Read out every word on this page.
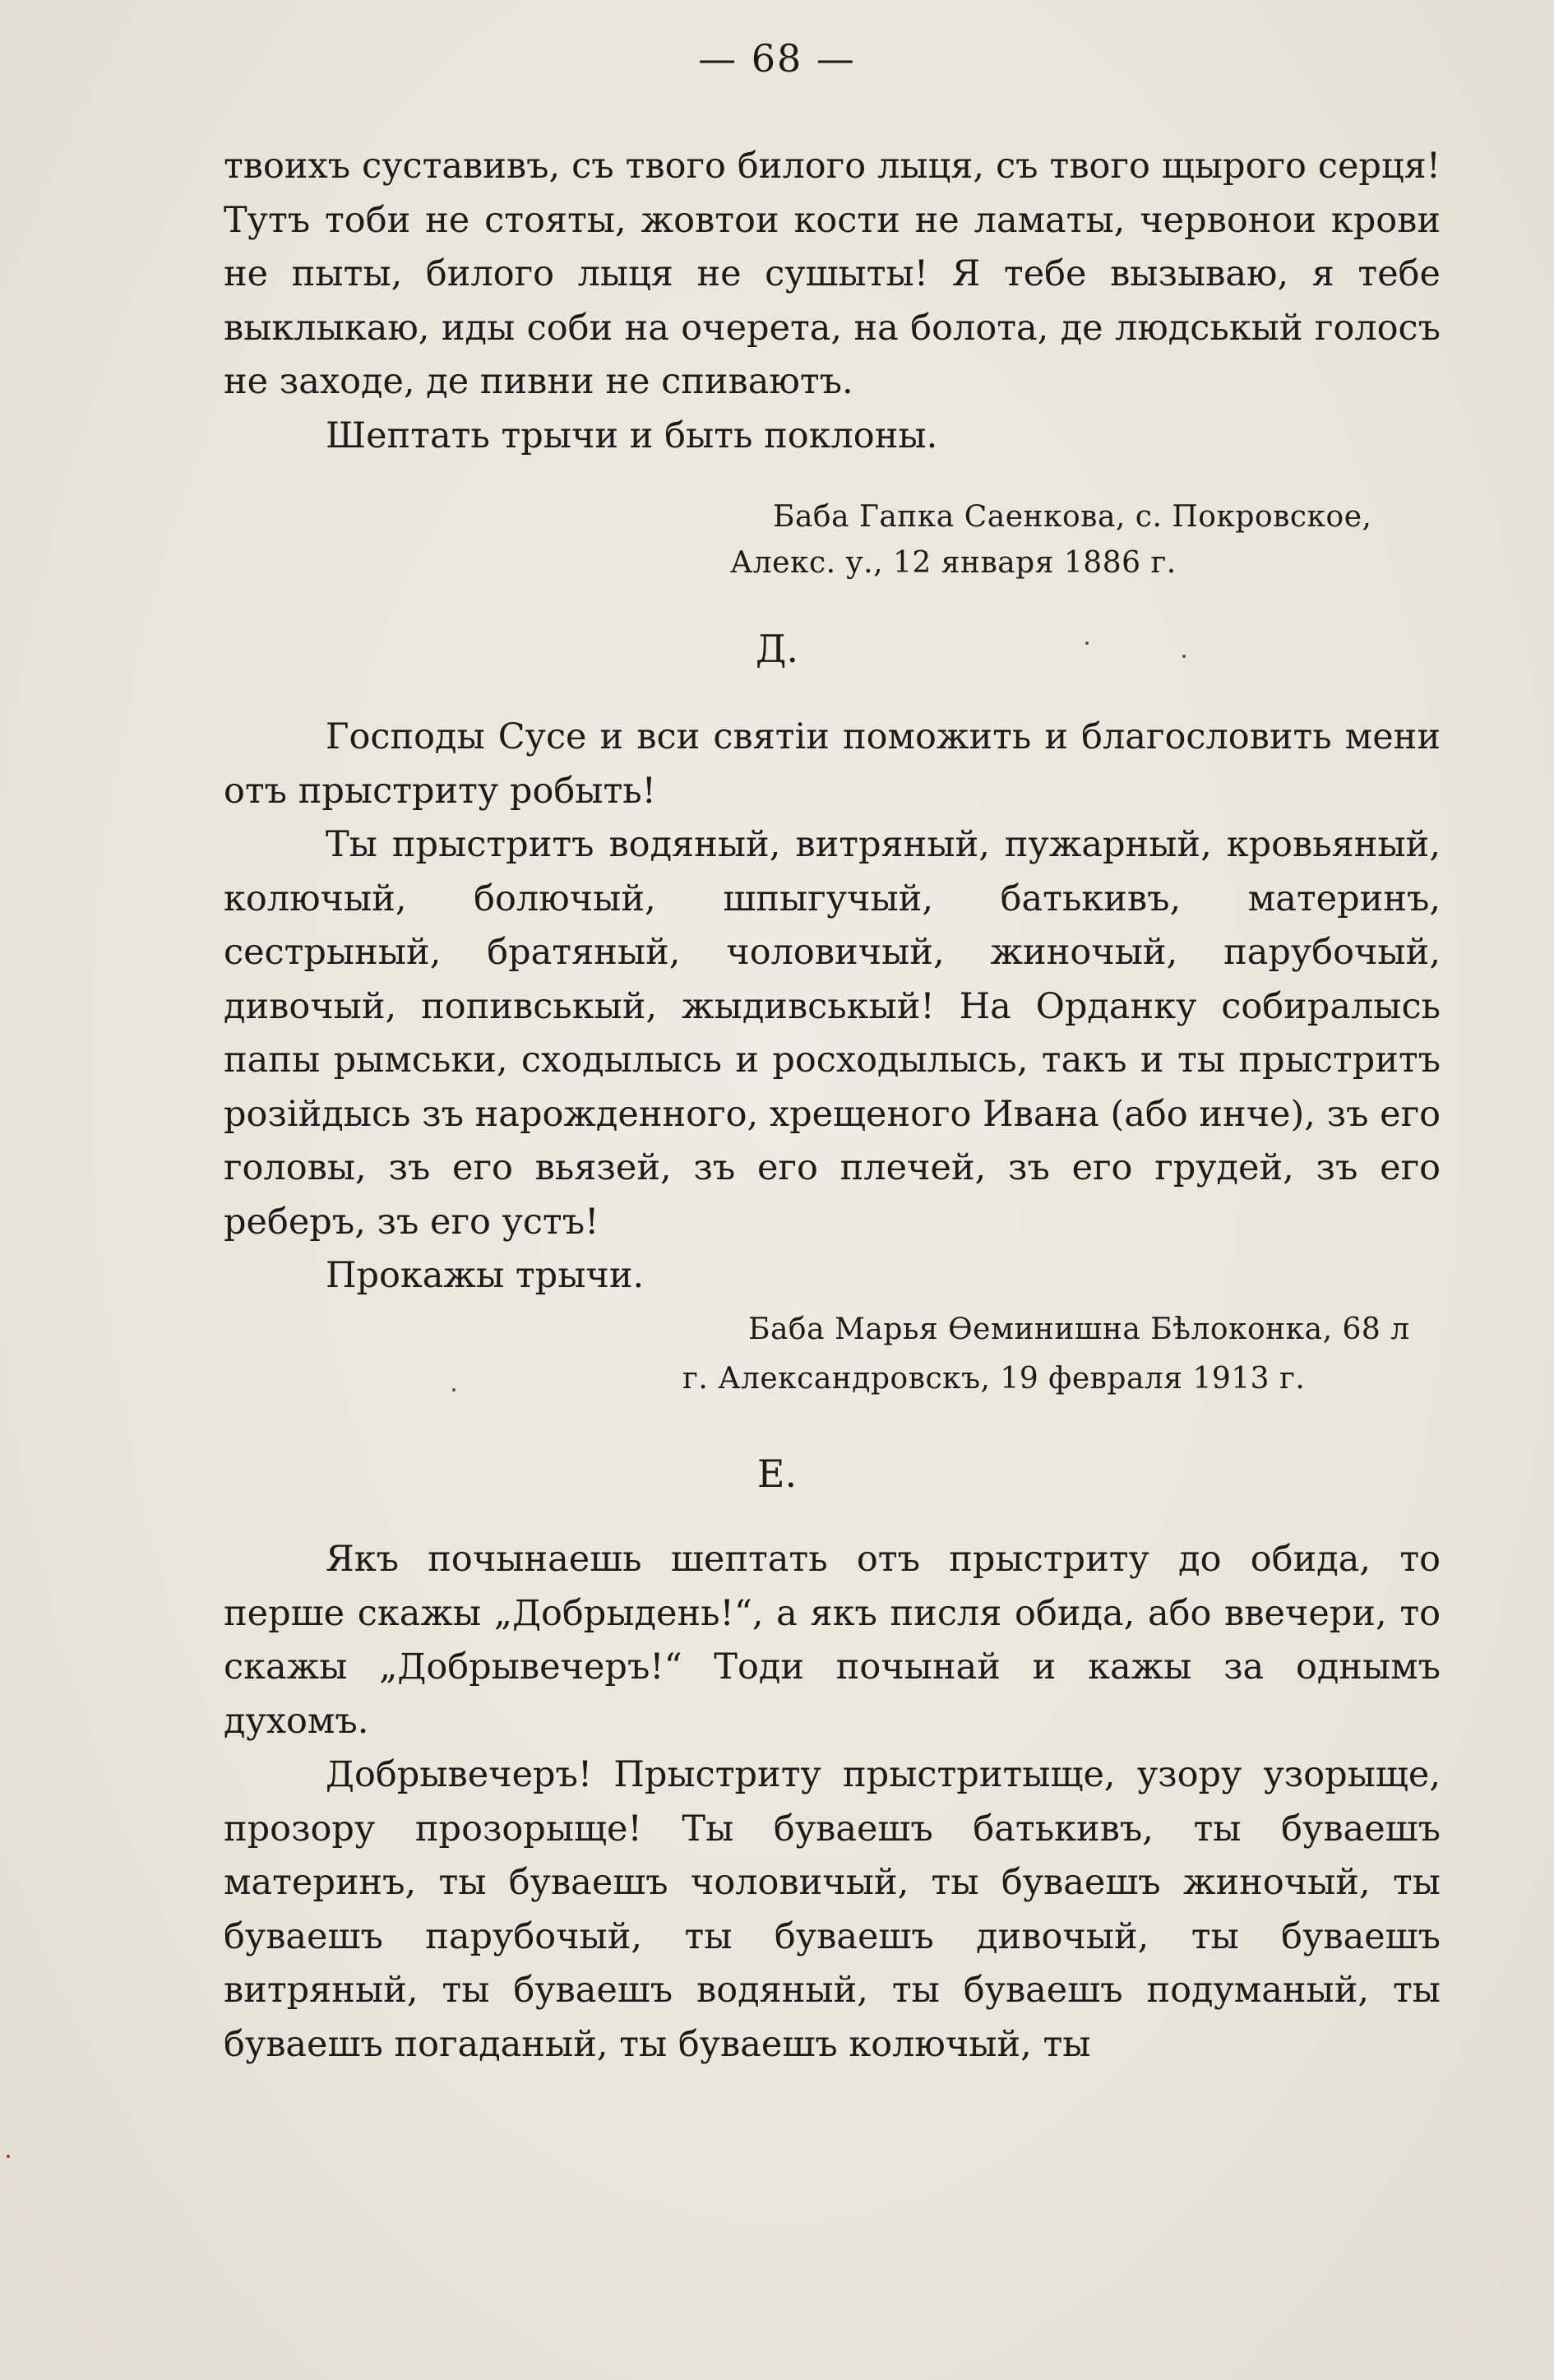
— 68 —

твоихъ суставивъ, съ твого билого лыця, съ твого щырого серця! Тутъ тоби не стояты, жовтои кости не ламаты, червонои крови не пыты, билого лыця не сушыты! Я тебе вызываю, я тебе выклыкаю, иды соби на очерета, на болота, де людськый голосъ не заходе, де пивни не спиваютъ.

Шептать трычи и быть поклоны.

Баба Гапка Саенкова, с. Покровское,
Алекс. у., 12 января 1886 г.
Д.

Господы Сусе и вси святіи поможить и благословить мени отъ прыстриту робыть!

Ты прыстритъ водяный, витряный, пужарный, кровьяный, колючый, болючый, шпыгучый, батькивъ, материнъ, сестрыный, братяный, чоловичый, жиночый, парубочый, дивочый, попивськый, жыдивськый! На Орданку собиралысь папы рымськи, сходылысь и росходылысь, такъ и ты прыстритъ розійдысь зъ нарожденного, хрещеного Ивана (або инче), зъ его головы, зъ его вьязей, зъ его плечей, зъ его грудей, зъ его реберъ, зъ его устъ!

Прокажы трычи.

Баба Марья Ѳеминишна Бѣлоконка, 68 л
г. Александровскъ, 19 февраля 1913 г.
Е.

Якъ почынаешь шептать отъ прыстриту до обида, то перше скажы „Добрыдень!“, а якъ писля обида, або ввечери, то скажы „Добрывечеръ!“ Тоди почынай и кажы за однымъ духомъ.

Добрывечеръ! Прыстриту прыстритыще, узору узорыще, прозору прозорыще! Ты буваешъ батькивъ, ты буваешъ материнъ, ты буваешъ чоловичый, ты буваешъ жиночый, ты буваешъ парубочый, ты буваешъ дивочый, ты буваешъ витряный, ты буваешъ водяный, ты буваешъ подуманый, ты буваешъ погаданый, ты буваешъ колючый, ты
